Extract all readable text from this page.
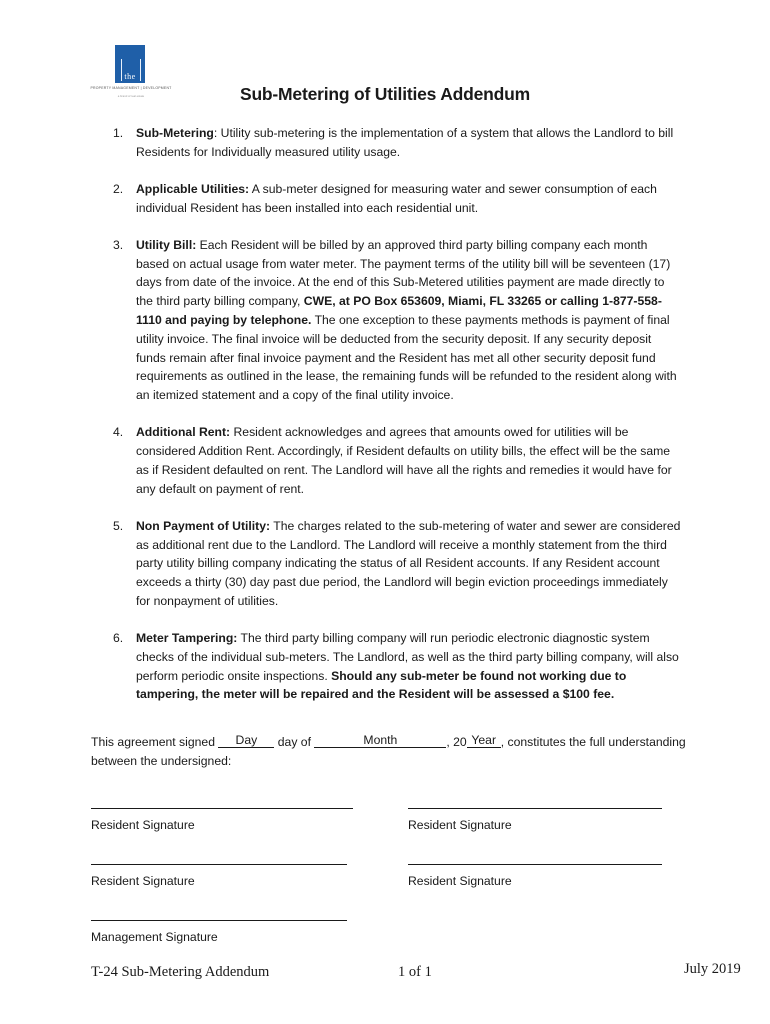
the
PROPERTY MANAGEMENT | DEVELOPMENT
a brand of real estate	Sub-Metering of Utilities Addendum
1. Sub-Metering: Utility sub-metering is the implementation of a system that allows the Landlord to bill Residents for Individually measured utility usage.
2. Applicable Utilities: A sub-meter designed for measuring water and sewer consumption of each individual Resident has been installed into each residential unit.
3. Utility Bill: Each Resident will be billed by an approved third party billing company each month based on actual usage from water meter. The payment terms of the utility bill will be seventeen (17) days from date of the invoice. At the end of this Sub-Metered utilities payment are made directly to the third party billing company, CWE, at PO Box 653609, Miami, FL 33265 or calling 1-877-558-1110 and paying by telephone. The one exception to these payments methods is payment of final utility invoice. The final invoice will be deducted from the security deposit. If any security deposit funds remain after final invoice payment and the Resident has met all other security deposit fund requirements as outlined in the lease, the remaining funds will be refunded to the resident along with an itemized statement and a copy of the final utility invoice.
4. Additional Rent: Resident acknowledges and agrees that amounts owed for utilities will be considered Addition Rent. Accordingly, if Resident defaults on utility bills, the effect will be the same as if Resident defaulted on rent. The Landlord will have all the rights and remedies it would have for any default on payment of rent.
5. Non Payment of Utility: The charges related to the sub-metering of water and sewer are considered as additional rent due to the Landlord. The Landlord will receive a monthly statement from the third party utility billing company indicating the status of all Resident accounts. If any Resident account exceeds a thirty (30) day past due period, the Landlord will begin eviction proceedings immediately for nonpayment of utilities.
6. Meter Tampering: The third party billing company will run periodic electronic diagnostic system checks of the individual sub-meters. The Landlord, as well as the third party billing company, will also perform periodic onsite inspections. Should any sub-meter be found not working due to tampering, the meter will be repaired and the Resident will be assessed a $100 fee.
This agreement signed Day day of	Month	, 20 Year , constitutes the full understanding between the undersigned:
Resident Signature	Resident Signature
Resident Signature	Resident Signature
Management Signature
T-24 Sub-Metering Addendum	1 of 1	July 2019
